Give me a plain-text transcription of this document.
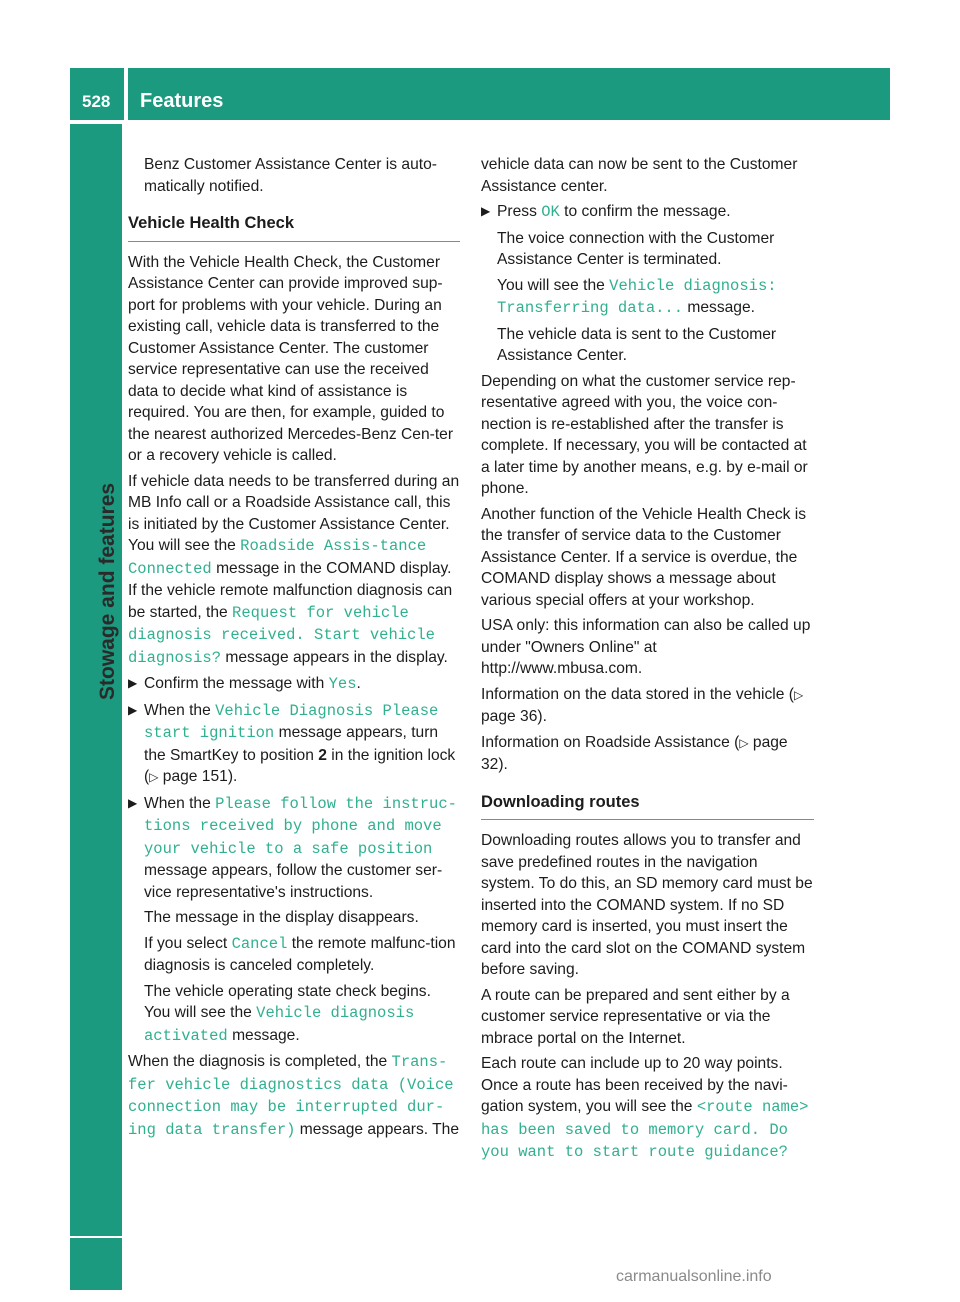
528 Features
Stowage and features

Benz Customer Assistance Center is auto-matically notified.

Vehicle Health Check

With the Vehicle Health Check, the Customer Assistance Center can provide improved sup-port for problems with your vehicle. During an existing call, vehicle data is transferred to the Customer Assistance Center. The customer service representative can use the received data to decide what kind of assistance is required. You are then, for example, guided to the nearest authorized Mercedes-Benz Cen-ter or a recovery vehicle is called.

If vehicle data needs to be transferred during an MB Info call or a Roadside Assistance call, this is initiated by the Customer Assistance Center. You will see the Roadside Assis-tance Connected message in the COMAND display. If the vehicle remote malfunction diagnosis can be started, the Request for vehicle diagnosis received. Start vehicle diagnosis? message appears in the display.

▶ Confirm the message with Yes.
▶ When the Vehicle Diagnosis Please start ignition message appears, turn the SmartKey to position 2 in the ignition lock (▷ page 151).
▶ When the Please follow the instruc-tions received by phone and move your vehicle to a safe position message appears, follow the customer ser-vice representative's instructions.

The message in the display disappears.

If you select Cancel the remote malfunc-tion diagnosis is canceled completely.

The vehicle operating state check begins. You will see the Vehicle diagnosis activated message.

When the diagnosis is completed, the Trans-fer vehicle diagnostics data (Voice connection may be interrupted dur-ing data transfer) message appears. The

vehicle data can now be sent to the Customer Assistance center.

▶ Press OK to confirm the message.

The voice connection with the Customer Assistance Center is terminated.

You will see the Vehicle diagnosis: Transferring data... message.

The vehicle data is sent to the Customer Assistance Center.

Depending on what the customer service rep-resentative agreed with you, the voice con-nection is re-established after the transfer is complete. If necessary, you will be contacted at a later time by another means, e.g. by e-mail or phone.

Another function of the Vehicle Health Check is the transfer of service data to the Customer Assistance Center. If a service is overdue, the COMAND display shows a message about various special offers at your workshop.

USA only: this information can also be called up under "Owners Online" at http://www.mbusa.com.

Information on the data stored in the vehicle (▷ page 36).

Information on Roadside Assistance (▷ page 32).

Downloading routes

Downloading routes allows you to transfer and save predefined routes in the navigation system. To do this, an SD memory card must be inserted into the COMAND system. If no SD memory card is inserted, you must insert the card into the card slot on the COMAND system before saving.

A route can be prepared and sent either by a customer service representative or via the mbrace portal on the Internet.

Each route can include up to 20 way points. Once a route has been received by the navi-gation system, you will see the <route name> has been saved to memory card. Do you want to start route guidance?

carmanualsonline.info
